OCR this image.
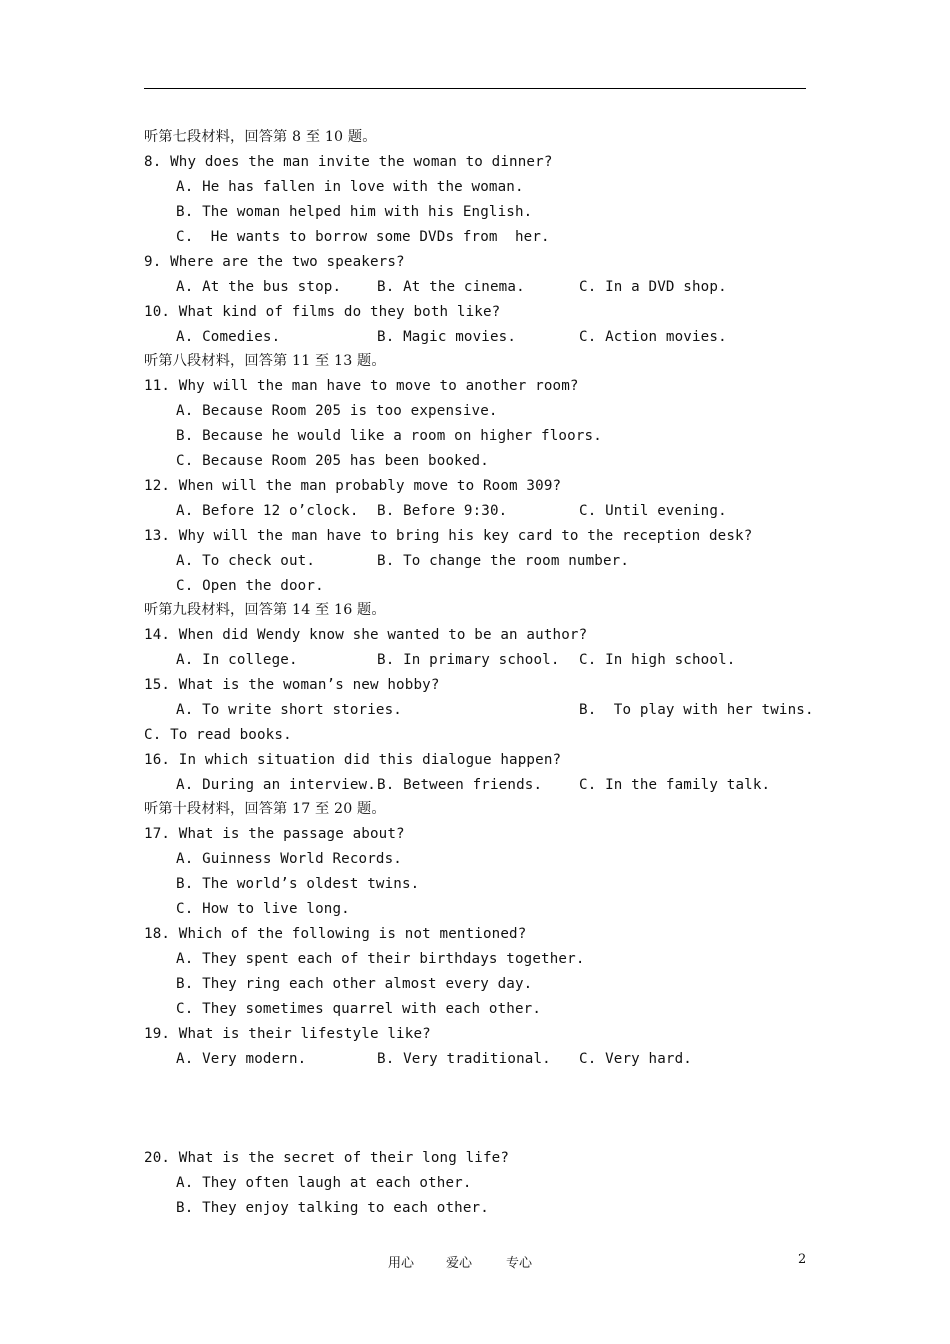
听第七段材料，回答第 8 至 10 题。
8. Why does the man invite the woman to dinner?
A. He has fallen in love with the woman.
B. The woman helped him with his English.
C.  He wants to borrow some DVDs from  her.
9. Where are the two speakers?
A. At the bus stop.	B. At the cinema.	C. In a DVD shop.
10. What kind of films do they both like?
A. Comedies.	B. Magic movies.	C. Action movies.
听第八段材料，回答第 11 至 13 题。
11. Why will the man have to move to another room?
A. Because Room 205 is too expensive.
B. Because he would like a room on higher floors.
C. Because Room 205 has been booked.
12. When will the man probably move to Room 309?
A. Before 12 o’clock. B. Before 9:30.	C. Until evening.
13. Why will the man have to bring his key card to the reception desk?
A. To check out.	B. To change the room number.
C. Open the door.
听第九段材料，回答第 14 至 16 题。
14. When did Wendy know she wanted to be an author?
A. In college.	B. In primary school. C. In high school.
15. What is the woman’s new hobby?
A. To write short stories.	B.  To play with her twins.
C. To read books.
16. In which situation did this dialogue happen?
A. During an interview. B. Between friends.	C. In the family talk.
听第十段材料，回答第 17 至 20 题。
17. What is the passage about?
A. Guinness World Records.
B. The world’s oldest twins.
C. How to live long.
18. Which of the following is not mentioned?
A. They spent each of their birthdays together.
B. They ring each other almost every day.
C. They sometimes quarrel with each other.
19. What is their lifestyle like?
A. Very modern.	B. Very traditional. C. Very hard.
20. What is the secret of their long life?
A. They often laugh at each other.
B. They enjoy talking to each other.
用心 爱心	专心	2
